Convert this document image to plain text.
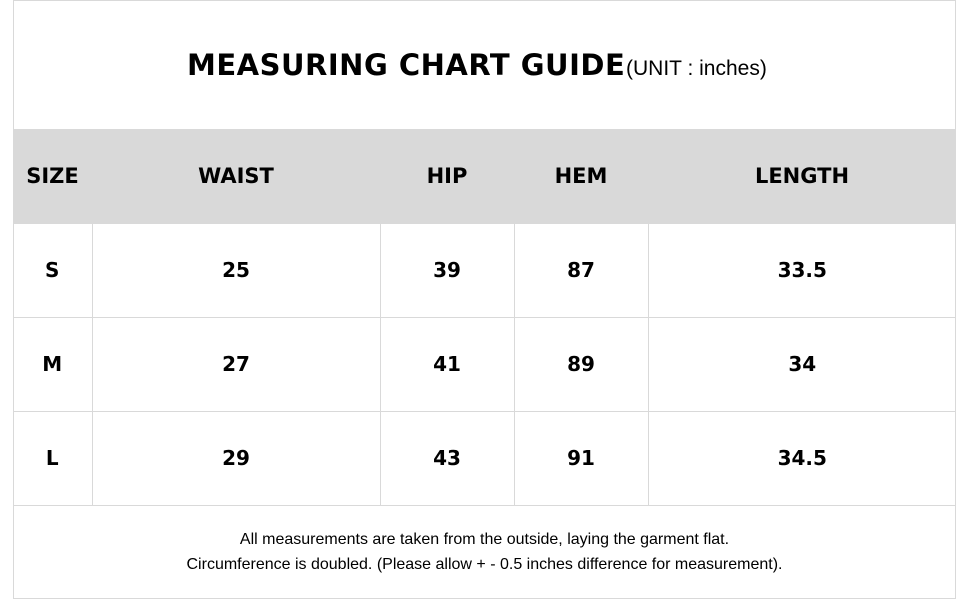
MEASURING CHART GUIDE (UNIT : inches)
SIZE	WAIST	HIP	HEM	LENGTH
S	25	39	87	33.5
M	27	41	89	34
L	29	43	91	34.5
All measurements are taken from the outside, laying the garment flat.
Circumference is doubled. (Please allow + - 0.5 inches difference for measurement).
